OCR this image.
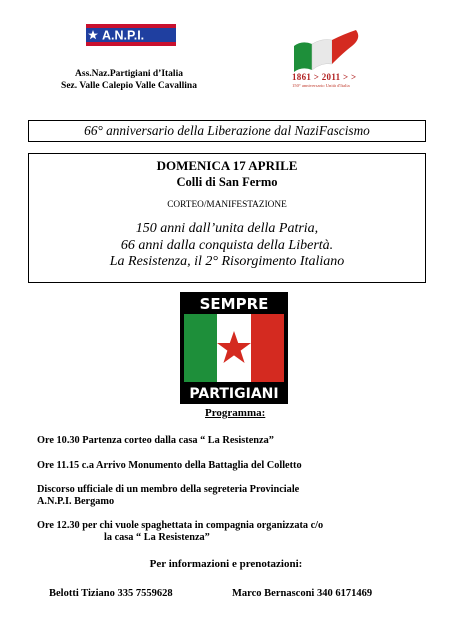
A.N.P.I.
Ass.Naz.Partigiani d’Italia
Sez. Valle Calepio Valle Cavallina
1861 > 2011 > >
150° anniversario Unità d'Italia
66° anniversario della Liberazione dal NaziFascismo
DOMENICA 17 APRILE
Colli di San Fermo
CORTEO/MANIFESTAZIONE
150 anni dall’unita della Patria,
66 anni dalla conquista della Libertà.
La Resistenza, il 2° Risorgimento Italiano
SEMPRE
PARTIGIANI
Programma:
Ore 10.30 Partenza corteo dalla casa “ La Resistenza”
Ore 11.15 c.a Arrivo Monumento della Battaglia del Colletto
Discorso ufficiale di un membro della segreteria Provinciale
A.N.P.I. Bergamo
Ore 12.30 per chi vuole spaghettata in compagnia organizzata c/o
la casa “ La Resistenza”
Per informazioni e prenotazioni:
Belotti Tiziano 335 7559628	Marco Bernasconi 340 6171469
